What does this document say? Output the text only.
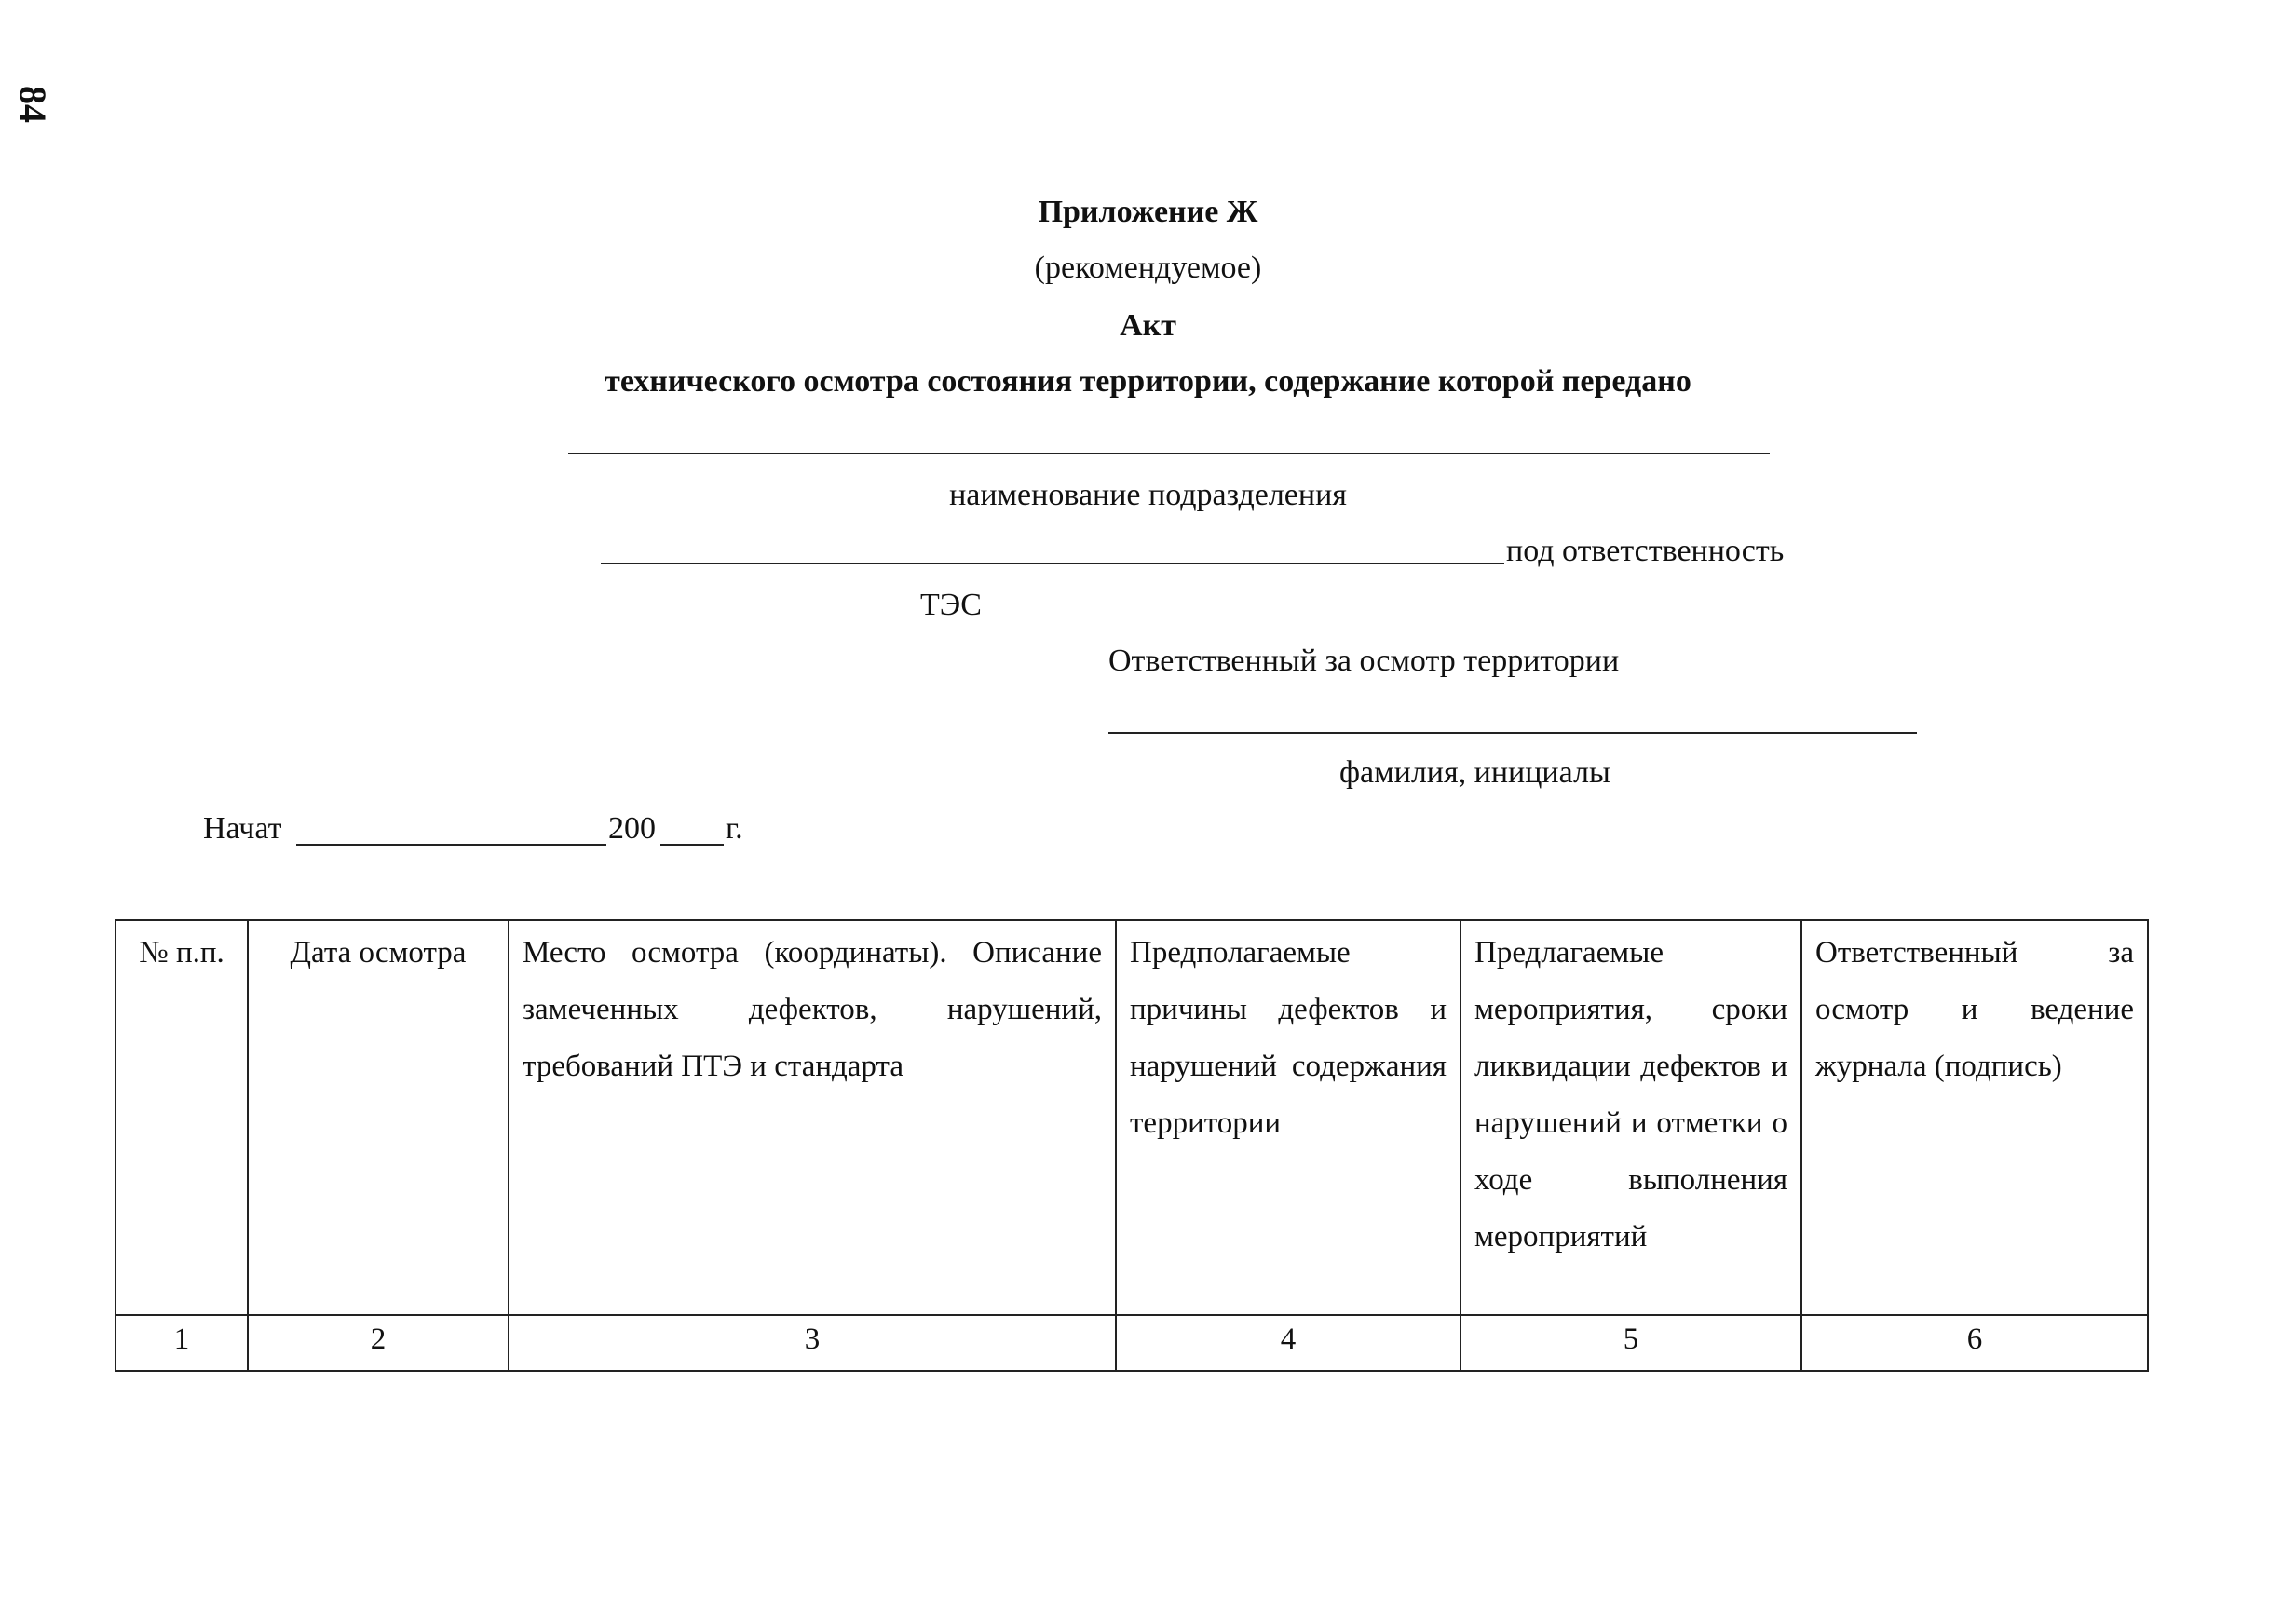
84
Приложение Ж
(рекомендуемое)
Акт
технического осмотра состояния территории, содержание которой передано
наименование подразделения
под ответственность
ТЭС
Ответственный за осмотр территории
фамилия, инициалы
Начат	200 г.
№ п.п.	Дата осмотра	Место осмотра (координаты). Описание замеченных дефектов, нарушений, требований ПТЭ и стандарта	Предполагаемые причины дефектов и нарушений содержания территории	Предлагаемые мероприятия, сроки ликвидации дефектов и нарушений и отметки о ходе выполнения мероприятий	Ответственный за осмотр и ведение журнала (подпись)
1	2	3	4	5	6
